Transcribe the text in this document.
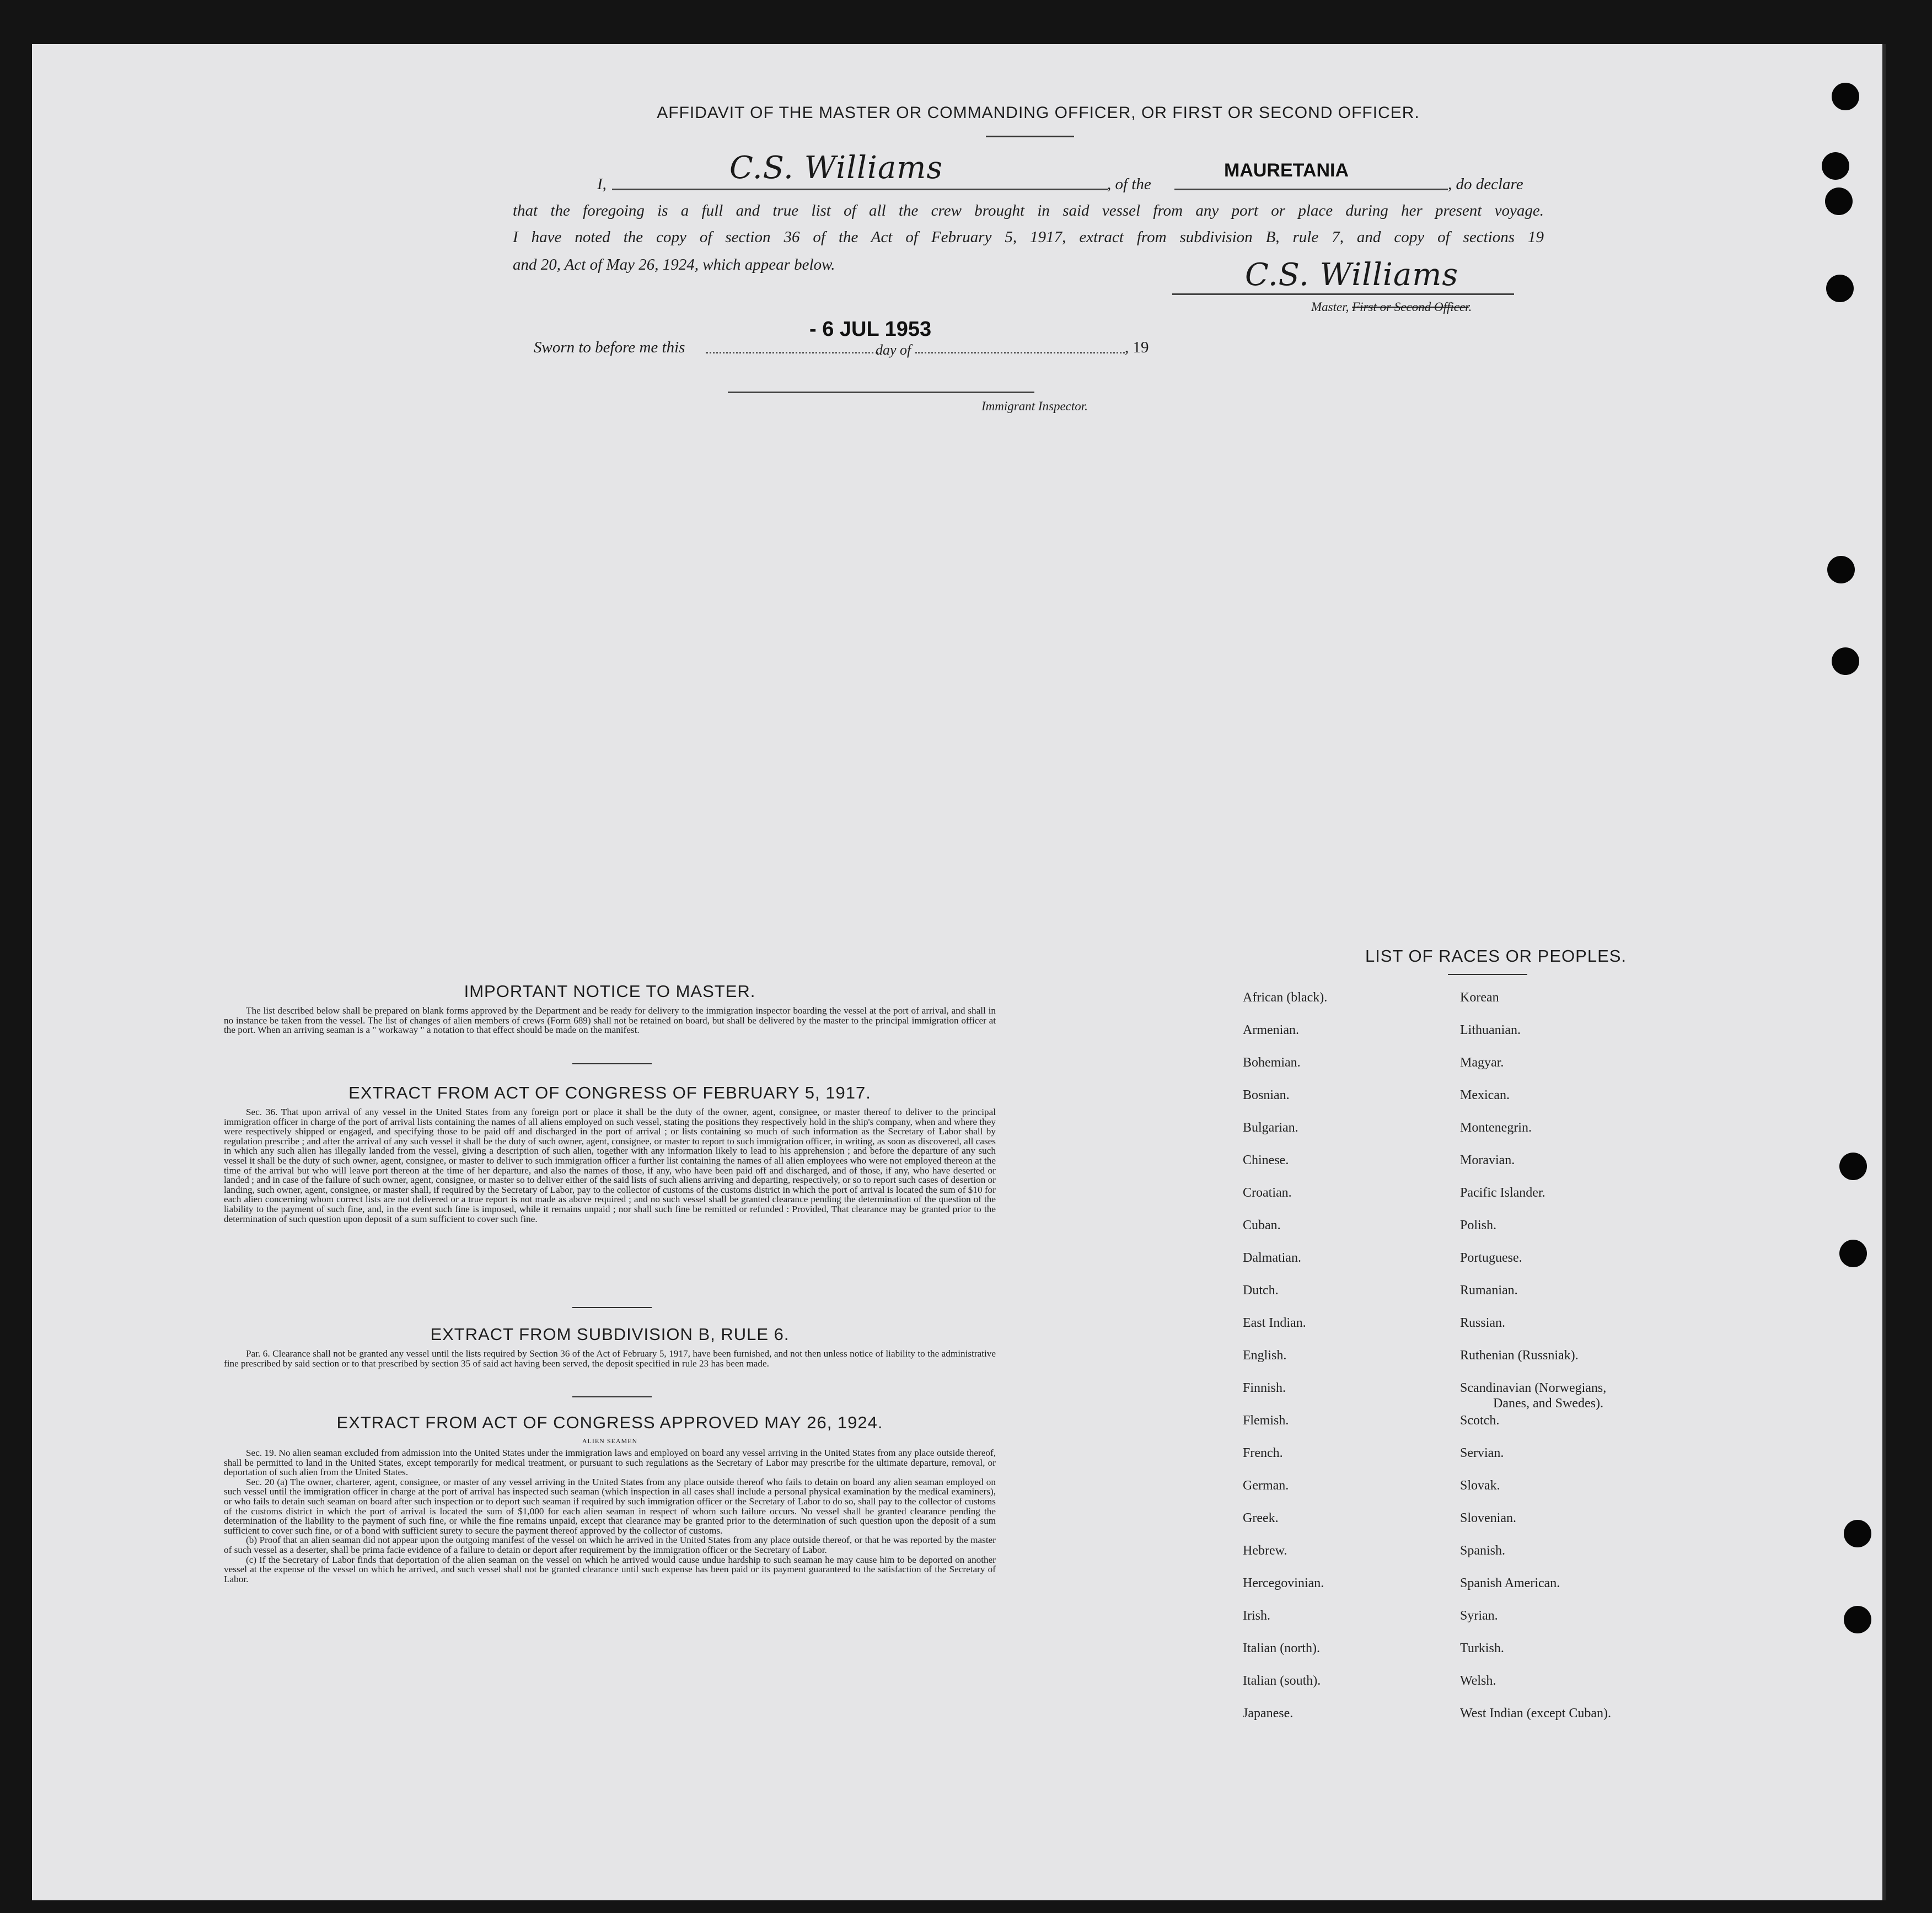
AFFIDAVIT OF THE MASTER OR COMMANDING OFFICER, OR FIRST OR SECOND OFFICER.
I,	C.S. Williams	, of the
MAURETANIA
, do declare
that the foregoing is a full and true list of all the crew brought in said vessel from any port or place during her present voyage.
I have noted the copy of section 36 of the Act of February 5, 1917, extract from subdivision B, rule 7, and copy of sections 19
and 20, Act of May 26, 1924, which appear below.	C.S. Williams
Master, First or Second Officer.
Sworn to before me this
- 6 JUL 1953
day of	, 19
Immigrant Inspector.
IMPORTANT NOTICE TO MASTER.
The list described below shall be prepared on blank forms approved by the Department and be ready for delivery to the immigration inspector boarding the vessel at the port of arrival, and shall in no instance be taken from the vessel. The list of changes of alien members of crews (Form 689) shall not be retained on board, but shall be delivered by the master to the principal immigration officer at the port. When an arriving seaman is a " workaway " a notation to that effect should be made on the manifest.
EXTRACT FROM ACT OF CONGRESS OF FEBRUARY 5, 1917.
Sec. 36. That upon arrival of any vessel in the United States from any foreign port or place it shall be the duty of the owner, agent, consignee, or master thereof to deliver to the principal immigration officer in charge of the port of arrival lists containing the names of all aliens employed on such vessel, stating the positions they respectively hold in the ship's company, when and where they were respectively shipped or engaged, and specifying those to be paid off and discharged in the port of arrival ; or lists containing so much of such information as the Secretary of Labor shall by regulation prescribe ; and after the arrival of any such vessel it shall be the duty of such owner, agent, consignee, or master to report to such immigration officer, in writing, as soon as discovered, all cases in which any such alien has illegally landed from the vessel, giving a description of such alien, together with any information likely to lead to his apprehension ; and before the departure of any such vessel it shall be the duty of such owner, agent, consignee, or master to deliver to such immigration officer a further list containing the names of all alien employees who were not employed thereon at the time of the arrival but who will leave port thereon at the time of her departure, and also the names of those, if any, who have been paid off and discharged, and of those, if any, who have deserted or landed ; and in case of the failure of such owner, agent, consignee, or master so to deliver either of the said lists of such aliens arriving and departing, respectively, or so to report such cases of desertion or landing, such owner, agent, consignee, or master shall, if required by the Secretary of Labor, pay to the collector of customs of the customs district in which the port of arrival is located the sum of $10 for each alien concerning whom correct lists are not delivered or a true report is not made as above required ; and no such vessel shall be granted clearance pending the determination of the question of the liability to the payment of such fine, and, in the event such fine is imposed, while it remains unpaid ; nor shall such fine be remitted or refunded : Provided, That clearance may be granted prior to the determination of such question upon deposit of a sum sufficient to cover such fine.
EXTRACT FROM SUBDIVISION B, RULE 6.
Par. 6. Clearance shall not be granted any vessel until the lists required by Section 36 of the Act of February 5, 1917, have been furnished, and not then unless notice of liability to the administrative fine prescribed by said section or to that prescribed by section 35 of said act having been served, the deposit specified in rule 23 has been made.
EXTRACT FROM ACT OF CONGRESS APPROVED MAY 26, 1924.
ALIEN SEAMEN

Sec. 19. No alien seaman excluded from admission into the United States under the immigration laws and employed on board any vessel arriving in the United States from any place outside thereof, shall be permitted to land in the United States, except temporarily for medical treatment, or pursuant to such regulations as the Secretary of Labor may prescribe for the ultimate departure, removal, or deportation of such alien from the United States.

Sec. 20 (a) The owner, charterer, agent, consignee, or master of any vessel arriving in the United States from any place outside thereof who fails to detain on board any alien seaman employed on such vessel until the immigration officer in charge at the port of arrival has inspected such seaman (which inspection in all cases shall include a personal physical examination by the medical examiners), or who fails to detain such seaman on board after such inspection or to deport such seaman if required by such immigration officer or the Secretary of Labor to do so, shall pay to the collector of customs of the customs district in which the port of arrival is located the sum of $1,000 for each alien seaman in respect of whom such failure occurs. No vessel shall be granted clearance pending the determination of the liability to the payment of such fine, or while the fine remains unpaid, except that clearance may be granted prior to the determination of such question upon the deposit of a sum sufficient to cover such fine, or of a bond with sufficient surety to secure the payment thereof approved by the collector of customs.

(b) Proof that an alien seaman did not appear upon the outgoing manifest of the vessel on which he arrived in the United States from any place outside thereof, or that he was reported by the master of such vessel as a deserter, shall be prima facie evidence of a failure to detain or deport after requirement by the immigration officer or the Secretary of Labor.

(c) If the Secretary of Labor finds that deportation of the alien seaman on the vessel on which he arrived would cause undue hardship to such seaman he may cause him to be deported on another vessel at the expense of the vessel on which he arrived, and such vessel shall not be granted clearance until such expense has been paid or its payment guaranteed to the satisfaction of the Secretary of Labor.

LIST OF RACES OR PEOPLES.
African (black).
Armenian.
Bohemian.
Bosnian.
Bulgarian.
Chinese.
Croatian.
Cuban.
Dalmatian.
Dutch.
East Indian.
English.
Finnish.
Flemish.
French.
German.
Greek.
Hebrew.
Hercegovinian.
Irish.
Italian (north).
Italian (south).
Japanese.
Korean
Lithuanian.
Magyar.
Mexican.
Montenegrin.
Moravian.
Pacific Islander.
Polish.
Portuguese.
Rumanian.
Russian.
Ruthenian (Russniak).
Scandinavian (Norwegians,
Danes, and Swedes).
Scotch.
Servian.
Slovak.
Slovenian.
Spanish.
Spanish American.
Syrian.
Turkish.
Welsh.
West Indian (except Cuban).
